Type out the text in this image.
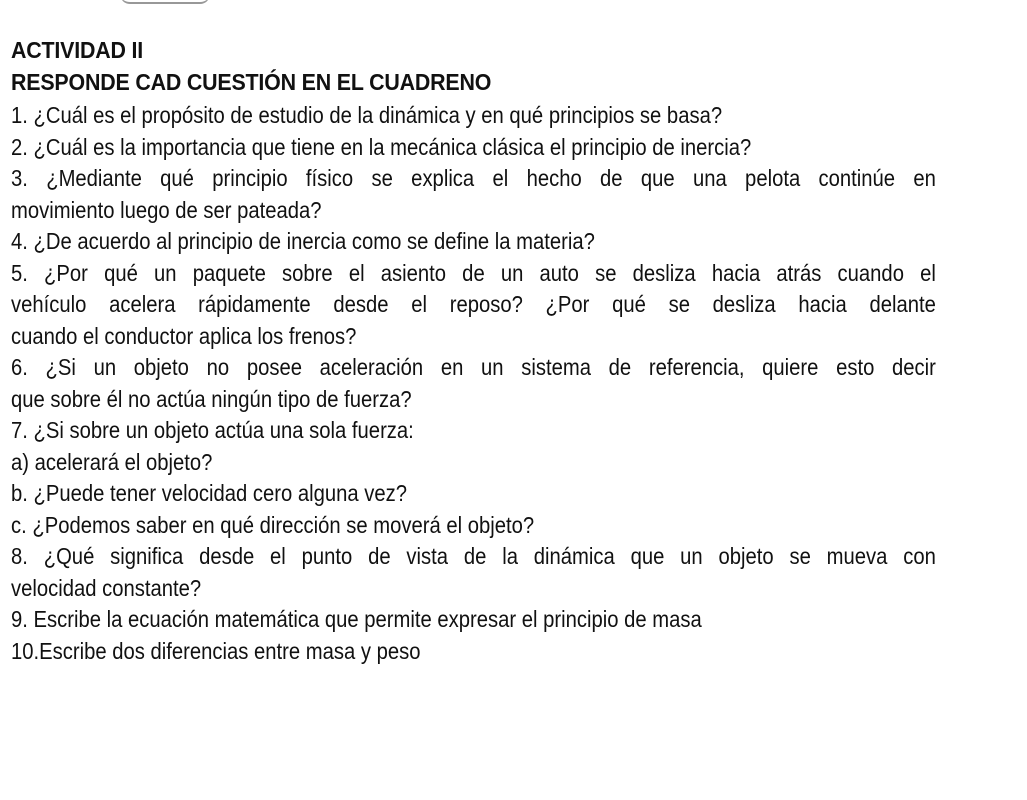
ACTIVIDAD II
RESPONDE CAD CUESTIÓN EN EL CUADRENO
1. ¿Cuál es el propósito de estudio de la dinámica y en qué principios se basa?
2. ¿Cuál es la importancia que tiene en la mecánica clásica el principio de inercia?
3. ¿Mediante qué principio físico se explica el hecho de que una pelota continúe en
movimiento luego de ser pateada?
4. ¿De acuerdo al principio de inercia como se define la materia?
5. ¿Por qué un paquete sobre el asiento de un auto se desliza hacia atrás cuando el
vehículo acelera rápidamente desde el reposo? ¿Por qué se desliza hacia delante
cuando el conductor aplica los frenos?
6. ¿Si un objeto no posee aceleración en un sistema de referencia, quiere esto decir
que sobre él no actúa ningún tipo de fuerza?
7. ¿Si sobre un objeto actúa una sola fuerza:
a) acelerará el objeto?
b. ¿Puede tener velocidad cero alguna vez?
c. ¿Podemos saber en qué dirección se moverá el objeto?
8. ¿Qué significa desde el punto de vista de la dinámica que un objeto se mueva con
velocidad constante?
9. Escribe la ecuación matemática que permite expresar el principio de masa
10.Escribe dos diferencias entre masa y peso
